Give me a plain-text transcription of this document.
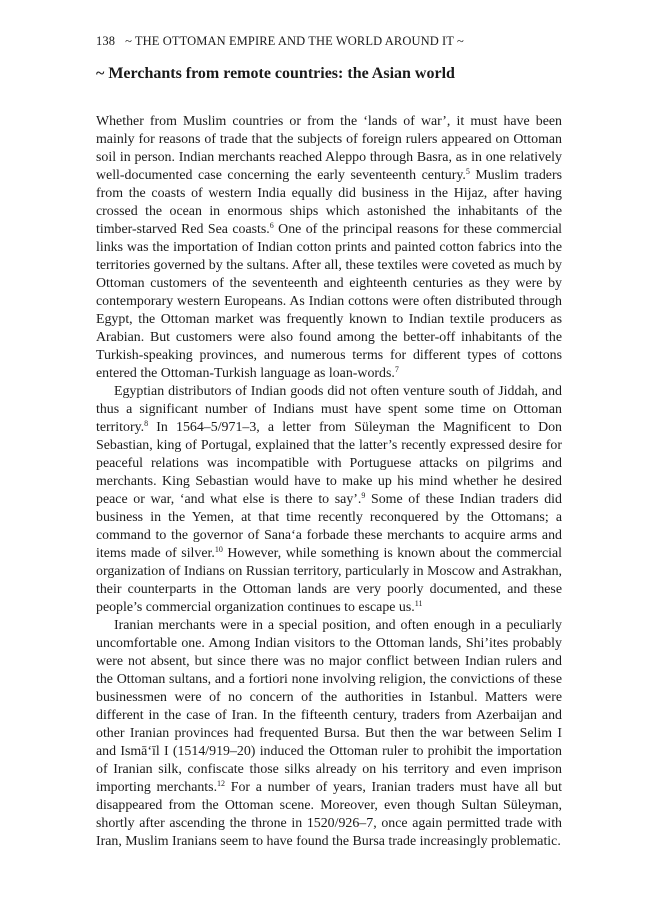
138 ~ THE OTTOMAN EMPIRE AND THE WORLD AROUND IT ~
~ Merchants from remote countries: the Asian world

Whether from Muslim countries or from the ‘lands of war’, it must have been mainly for reasons of trade that the subjects of foreign rulers appeared on Ottoman soil in person. Indian merchants reached Aleppo through Basra, as in one relatively well-documented case concerning the early seventeenth century.$^5$ Muslim traders from the coasts of western India equally did business in the Hijaz, after having crossed the ocean in enormous ships which astonished the inhabitants of the timber-starved Red Sea coasts.$^6$ One of the principal reasons for these commercial links was the importation of Indian cotton prints and painted cotton fabrics into the territories governed by the sultans. After all, these textiles were coveted as much by Ottoman customers of the seventeenth and eighteenth centuries as they were by contemporary western Europeans. As Indian cottons were often distributed through Egypt, the Ottoman market was frequently known to Indian textile producers as Arabian. But customers were also found among the better-off inhabitants of the Turkish-speaking provinces, and numerous terms for different types of cottons entered the Ottoman-Turkish language as loan-words.$^7$

Egyptian distributors of Indian goods did not often venture south of Jiddah, and thus a significant number of Indians must have spent some time on Ottoman territory.$^8$ In 1564–5/971–3, a letter from Süleyman the Magnificent to Don Sebastian, king of Portugal, explained that the latter’s recently expressed desire for peaceful relations was incompatible with Portuguese attacks on pilgrims and merchants. King Sebastian would have to make up his mind whether he desired peace or war, ‘and what else is there to say’.$^9$ Some of these Indian traders did business in the Yemen, at that time recently reconquered by the Ottomans; a command to the governor of Sana‘a forbade these merchants to acquire arms and items made of silver.$^{10}$ However, while something is known about the commercial organization of Indians on Russian territory, particularly in Moscow and Astrakhan, their counterparts in the Ottoman lands are very poorly documented, and these people’s commercial organization continues to escape us.$^{11}$

Iranian merchants were in a special position, and often enough in a peculiarly uncomfortable one. Among Indian visitors to the Ottoman lands, Shi’ites probably were not absent, but since there was no major conflict between Indian rulers and the Ottoman sultans, and a fortiori none involving religion, the convictions of these businessmen were of no concern of the authorities in Istanbul. Matters were different in the case of Iran. In the fifteenth century, traders from Azerbaijan and other Iranian provinces had frequented Bursa. But then the war between Selim I and Ismā‘īl I (1514/919–20) induced the Ottoman ruler to prohibit the importation of Iranian silk, confiscate those silks already on his territory and even imprison importing merchants.$^{12}$ For a number of years, Iranian traders must have all but disappeared from the Ottoman scene. Moreover, even though Sultan Süleyman, shortly after ascending the throne in 1520/926–7, once again permitted trade with Iran, Muslim Iranians seem to have found the Bursa trade increasingly problematic.
